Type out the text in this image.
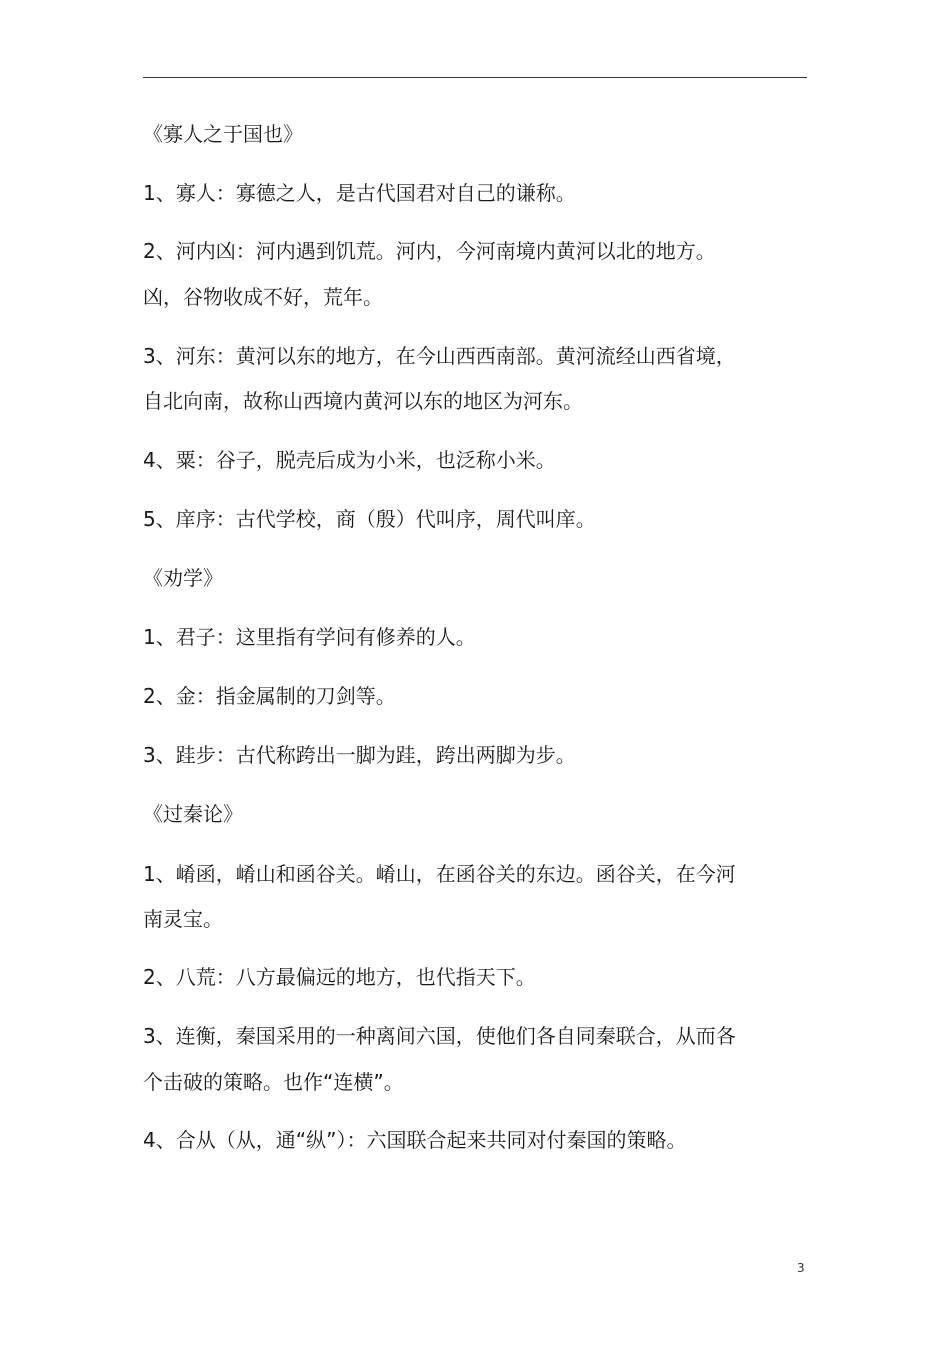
《寡人之于国也》
1、寡人：寡德之人，是古代国君对自己的谦称。
2、河内凶：河内遇到饥荒。河内，今河南境内黄河以北的地方。
凶，谷物收成不好，荒年。
3、河东：黄河以东的地方，在今山西西南部。黄河流经山西省境，
自北向南，故称山西境内黄河以东的地区为河东。
4、粟：谷子，脱壳后成为小米，也泛称小米。
5、庠序：古代学校，商（殷）代叫序，周代叫庠。
《劝学》
1、君子：这里指有学问有修养的人。
2、金：指金属制的刀剑等。
3、跬步：古代称跨出一脚为跬，跨出两脚为步。
《过秦论》
1、崤函，崤山和函谷关。崤山，在函谷关的东边。函谷关，在今河
南灵宝。
2、八荒：八方最偏远的地方，也代指天下。
3、连衡，秦国采用的一种离间六国，使他们各自同秦联合，从而各
个击破的策略。也作“连横”。
4、合从（从，通“纵”）：六国联合起来共同对付秦国的策略。
3
